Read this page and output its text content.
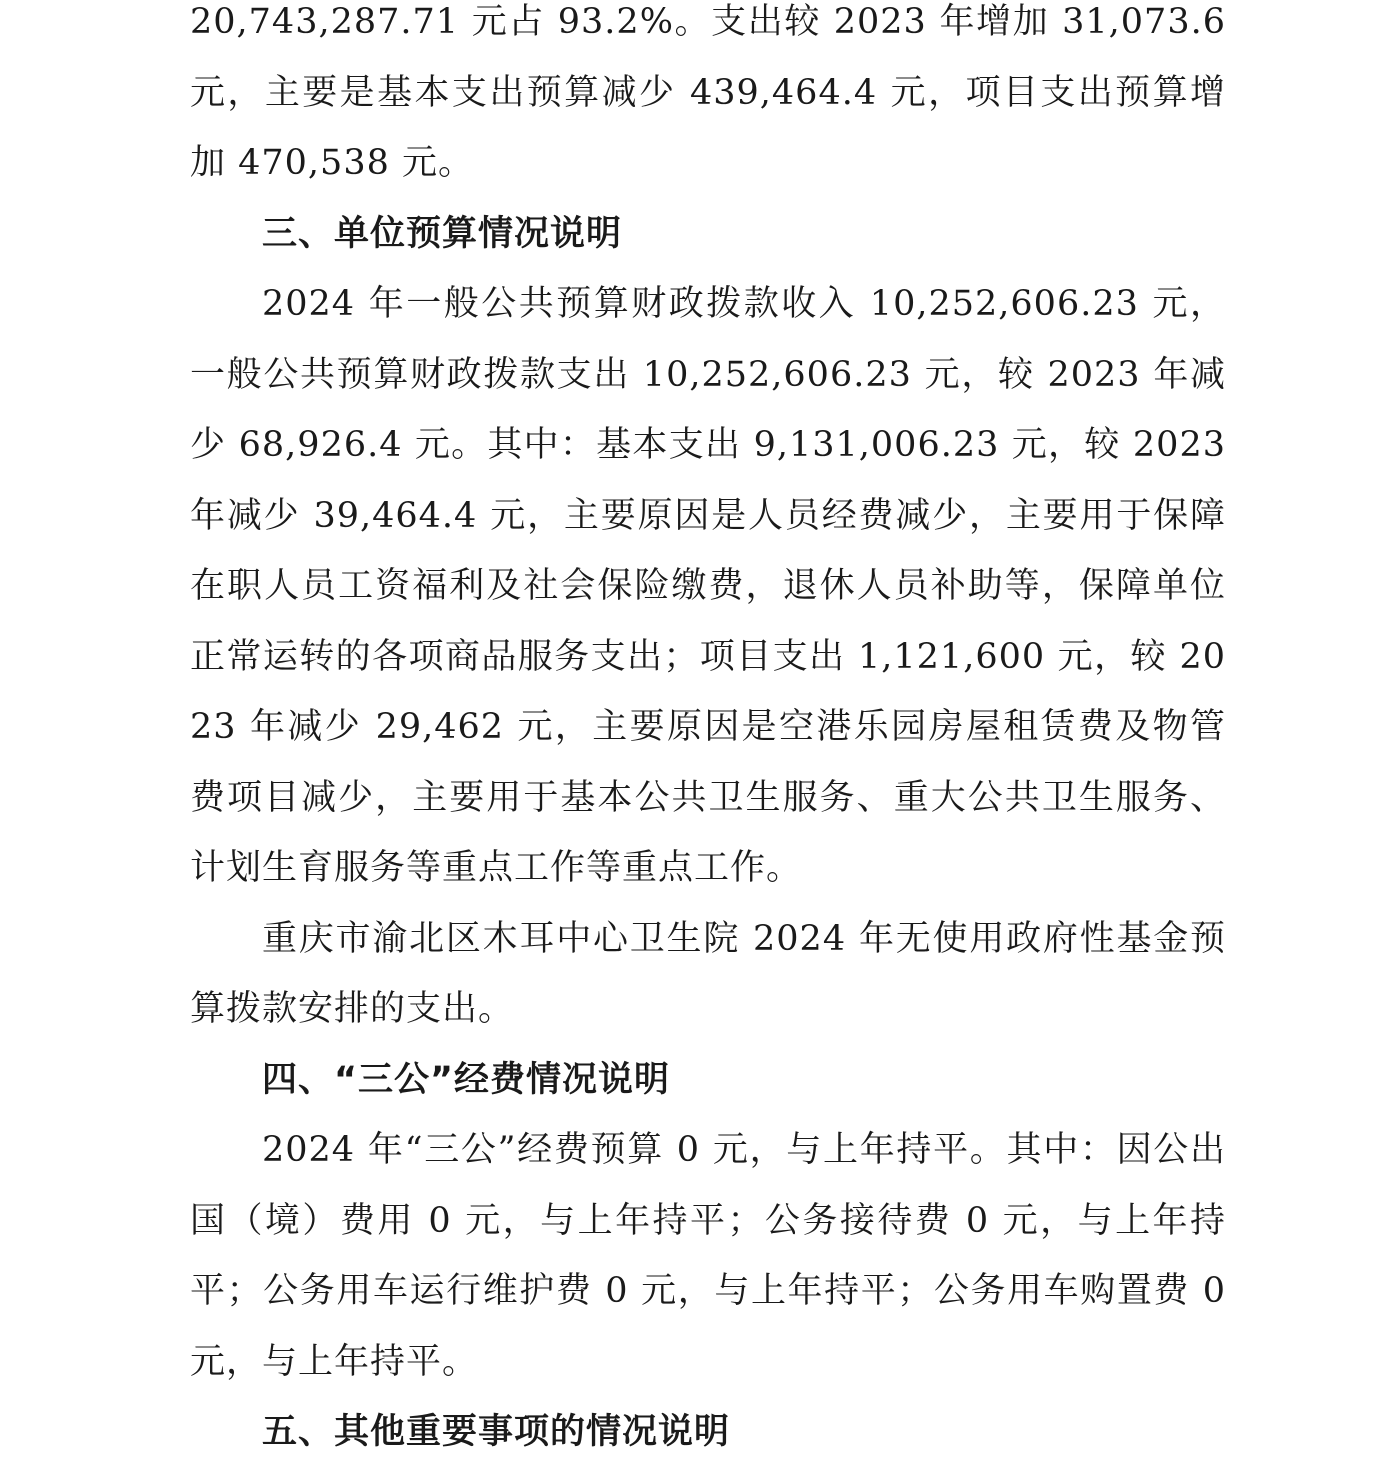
20,743,287.71 元占 93.2%。支出较 2023 年增加 31,073.6 元，主要是基本支出预算减少 439,464.4 元，项目支出预算增加 470,538 元。

三、单位预算情况说明

2024 年一般公共预算财政拨款收入 10,252,606.23 元，一般公共预算财政拨款支出 10,252,606.23 元，较 2023 年减少 68,926.4 元。其中：基本支出 9,131,006.23 元，较 2023 年减少 39,464.4 元，主要原因是人员经费减少，主要用于保障在职人员工资福利及社会保险缴费，退休人员补助等，保障单位正常运转的各项商品服务支出；项目支出 1,121,600 元，较 2023 年减少 29,462 元，主要原因是空港乐园房屋租赁费及物管费项目减少，主要用于基本公共卫生服务、重大公共卫生服务、计划生育服务等重点工作等重点工作。

重庆市渝北区木耳中心卫生院 2024 年无使用政府性基金预算拨款安排的支出。

四、“三公”经费情况说明

2024 年“三公”经费预算 0 元，与上年持平。其中：因公出国（境）费用 0 元，与上年持平；公务接待费 0 元，与上年持平；公务用车运行维护费 0 元，与上年持平；公务用车购置费 0 元，与上年持平。

五、其他重要事项的情况说明
